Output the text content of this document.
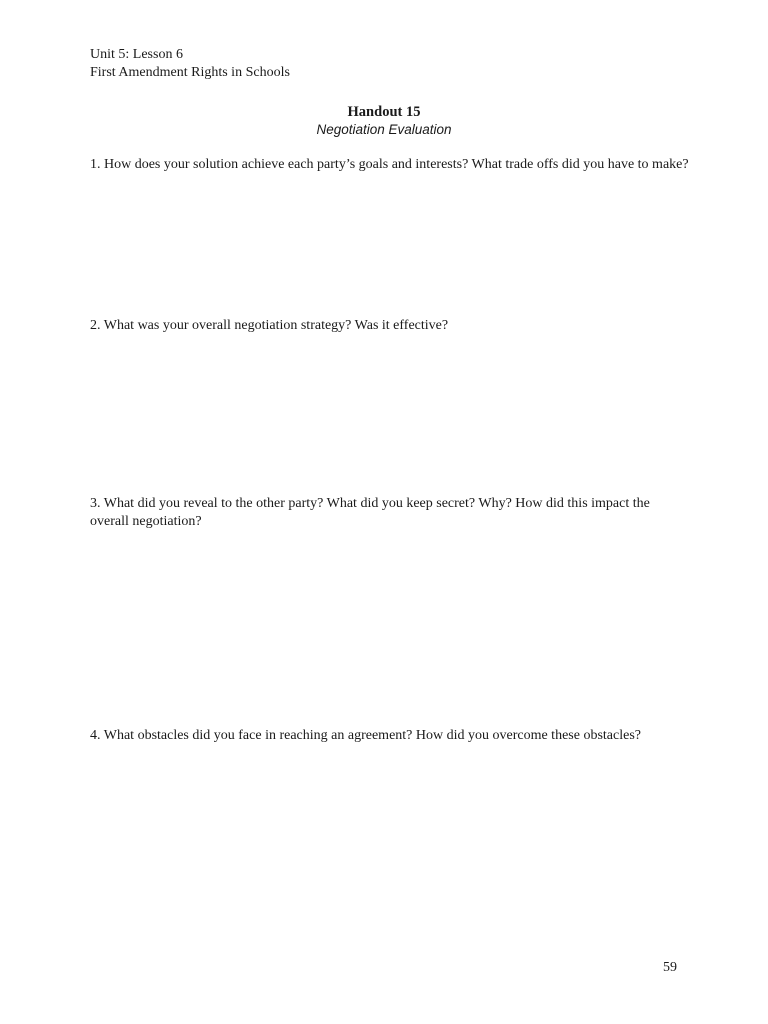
Unit 5: Lesson 6
First Amendment Rights in Schools
Handout 15
Negotiation Evaluation
1. How does your solution achieve each party’s goals and interests? What trade offs did you have to make?
2. What was your overall negotiation strategy? Was it effective?
3. What did you reveal to the other party? What did you keep secret? Why? How did this impact the overall negotiation?
4. What obstacles did you face in reaching an agreement? How did you overcome these obstacles?
59
